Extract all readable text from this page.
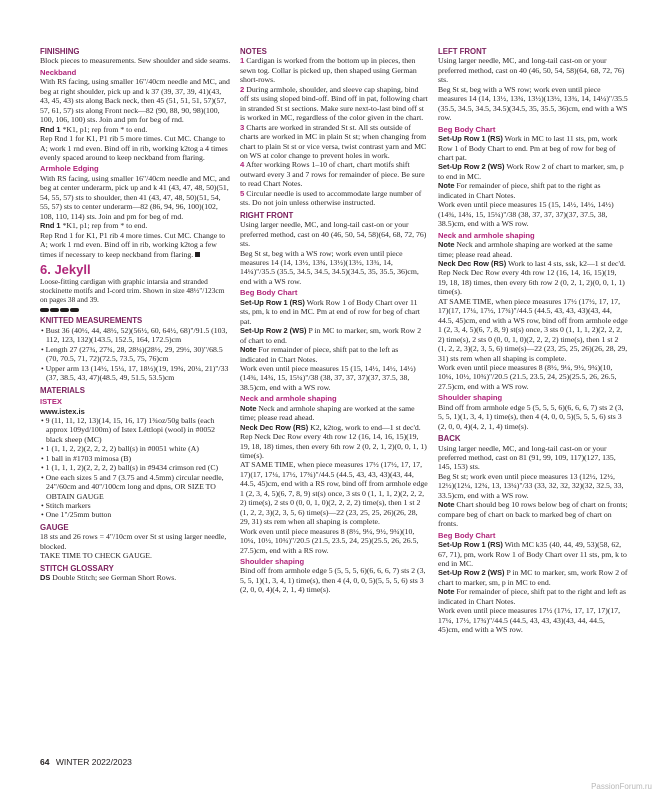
FINISHING

Block pieces to measurements. Sew shoulder and side seams.

Neckband

With RS facing, using smaller 16"/40cm needle and MC, and beg at right shoulder, pick up and k 37 (39, 37, 39, 41)(43, 43, 45, 43) sts along Back neck, then 45 (51, 51, 51, 57)(57, 57, 61, 57) sts along Front neck—82 (90, 88, 90, 98)(100, 100, 106, 100) sts. Join and pm for beg of rnd.

Rnd 1 *K1, p1; rep from * to end.

Rep Rnd 1 for K1, P1 rib 5 more times. Cut MC. Change to A; work 1 rnd even. Bind off in rib, working k2tog a 4 times evenly spaced around to keep neckband from flaring.

Armhole Edging

With RS facing, using smaller 16"/40cm needle and MC, and beg at center underarm, pick up and k 41 (43, 47, 48, 50)(51, 54, 55, 57) sts to shoulder, then 41 (43, 47, 48, 50)(51, 54, 55, 57) sts to center underarm—82 (86, 94, 96, 100)(102, 108, 110, 114) sts. Join and pm for beg of rnd.

Rnd 1 *K1, p1; rep from * to end.

Rep Rnd 1 for K1, P1 rib 4 more times. Cut MC. Change to A; work 1 rnd even. Bind off in rib, working k2tog a few times if necessary to keep neckband from flaring.

6. Jekyll

Loose-fitting cardigan with graphic intarsia and stranded stockinette motifs and I-cord trim. Shown in size 48½"/123cm on pages 38 and 39.

KNITTED MEASUREMENTS

• Bust 36 (40½, 44, 48½, 52)(56½, 60, 64½, 68)"/91.5 (103, 112, 123, 132)(143.5, 152.5, 164, 172.5)cm

• Length 27 (27¾, 27¾, 28, 28¼)(28½, 29, 29½, 30)"/68.5 (70, 70.5, 71, 72)(72.5, 73.5, 75, 76)cm

• Upper arm 13 (14½, 15¼, 17, 18½)(19, 19¾, 20¼, 21)"/33 (37, 38.5, 43, 47)(48.5, 49, 51.5, 53.5)cm

MATERIALS
ISTEX
www.istex.is

• 9 (11, 11, 12, 13)(14, 15, 16, 17) 1¾oz/50g balls (each approx 109yd/100m) of Istex Léttlopi (wool) in #0052 black sheep (MC)

• 1 (1, 1, 2, 2)(2, 2, 2, 2) ball(s) in #0051 white (A)

• 1 ball in #1703 mimosa (B)

• 1 (1, 1, 1, 2)(2, 2, 2, 2) ball(s) in #9434 crimson red (C)

• One each sizes 5 and 7 (3.75 and 4.5mm) circular needle, 24"/60cm and 40"/100cm long and dpns, OR SIZE TO OBTAIN GAUGE

• Stitch markers

• One 1"/25mm button

GAUGE

18 sts and 26 rows = 4"/10cm over St st using larger needle, blocked.

TAKE TIME TO CHECK GAUGE.

STITCH GLOSSARY

DS Double Stitch; see German Short Rows.

NOTES

1 Cardigan is worked from the bottom up in pieces, then sewn tog. Collar is picked up, then shaped using German short-rows.

2 During armhole, shoulder, and sleeve cap shaping, bind off sts using sloped bind-off. Bind off in pat, following chart in stranded St st sections. Make sure next-to-last bind off st is worked in MC, regardless of the color given in the chart.

3 Charts are worked in stranded St st. All sts outside of charts are worked in MC in plain St st; when changing from chart to plain St st or vice versa, twist contrast yarn and MC on WS at color change to prevent holes in work.

4 After working Rows 1–10 of chart, chart motifs shift outward every 3 and 7 rows for remainder of piece. Be sure to read Chart Notes.

5 Circular needle is used to accommodate large number of sts. Do not join unless otherwise instructed.

RIGHT FRONT

Using larger needle, MC, and long-tail cast-on or your preferred method, cast on 40 (46, 50, 54, 58)(64, 68, 72, 76) sts.

Beg St st, beg with a WS row; work even until piece measures 14 (14, 13½, 13¾, 13½)(13½, 13¾, 14, 14¼)"/35.5 (35.5, 34.5, 34.5, 34.5)(34.5, 35, 35.5, 36)cm, end with a WS row.

Beg Body Chart

Set-Up Row 1 (RS) Work Row 1 of Body Chart over 11 sts, pm, k to end in MC. Pm at end of row for beg of chart pat.

Set-Up Row 2 (WS) P in MC to marker, sm, work Row 2 of chart to end.

Note For remainder of piece, shift pat to the left as indicated in Chart Notes.

Work even until piece measures 15 (15, 14½, 14½, 14½)(14¾, 14¾, 15, 15¼)"/38 (38, 37, 37, 37)(37, 37.5, 38, 38.5)cm, end with a WS row.

Neck and armhole shaping

Note Neck and armhole shaping are worked at the same time; please read ahead.

Neck Dec Row (RS) K2, k2tog, work to end—1 st dec'd.

Rep Neck Dec Row every 4th row 12 (16, 14, 16, 15)(19, 19, 18, 18) times, then every 6th row 2 (0, 2, 1, 2)(0, 0, 1, 1) time(s).

AT SAME TIME, when piece measures 17½ (17½, 17, 17, 17)(17, 17¼, 17½, 17¾)"/44.5 (44.5, 43, 43, 43)(43, 44, 44.5, 45)cm, end with a RS row, bind off from armhole edge 1 (2, 3, 4, 5)(6, 7, 8, 9) st(s) once, 3 sts 0 (1, 1, 1, 2)(2, 2, 2, 2) time(s), 2 sts 0 (0, 0, 1, 0)(2, 2, 2, 2) time(s), then 1 st 2 (1, 2, 2, 3)(2, 3, 5, 6) time(s)—22 (23, 25, 25, 26)(26, 28, 29, 31) sts rem when all shaping is complete.

Work even until piece measures 8 (8½, 9¼, 9½, 9¾)(10, 10¼, 10½, 10¾)"/20.5 (21.5, 23.5, 24, 25)(25.5, 26, 26.5, 27.5)cm, end with a RS row.

Shoulder shaping

Bind off from armhole edge 5 (5, 5, 5, 6)(6, 6, 6, 7) sts 2 (3, 5, 5, 1)(1, 3, 4, 1) time(s), then 4 (4, 0, 0, 5)(5, 5, 5, 6) sts 3 (2, 0, 0, 4)(4, 2, 1, 4) time(s).

LEFT FRONT

Using larger needle, MC, and long-tail cast-on or your preferred method, cast on 40 (46, 50, 54, 58)(64, 68, 72, 76) sts.

Beg St st, beg with a WS row; work even until piece measures 14 (14, 13½, 13¾, 13½)(13½, 13¾, 14, 14¼)"/35.5 (35.5, 34.5, 34.5, 34.5)(34.5, 35, 35.5, 36)cm, end with a WS row.

Beg Body Chart

Set-Up Row 1 (RS) Work in MC to last 11 sts, pm, work Row 1 of Body Chart to end. Pm at beg of row for beg of chart pat.

Set-Up Row 2 (WS) Work Row 2 of chart to marker, sm, p to end in MC.

Note For remainder of piece, shift pat to the right as indicated in Chart Notes.

Work even until piece measures 15 (15, 14½, 14½, 14½)(14¾, 14¾, 15, 15¼)"/38 (38, 37, 37, 37)(37, 37.5, 38, 38.5)cm, end with a WS row.

Neck and armhole shaping

Note Neck and armhole shaping are worked at the same time; please read ahead.

Neck Dec Row (RS) Work to last 4 sts, ssk, k2—1 st dec'd.

Rep Neck Dec Row every 4th row 12 (16, 14, 16, 15)(19, 19, 18, 18) times, then every 6th row 2 (0, 2, 1, 2)(0, 0, 1, 1) time(s).

AT SAME TIME, when piece measures 17½ (17½, 17, 17, 17)(17, 17¼, 17½, 17¾)"/44.5 (44.5, 43, 43, 43)(43, 44, 44.5, 45)cm, end with a WS row, bind off from armhole edge 1 (2, 3, 4, 5)(6, 7, 8, 9) st(s) once, 3 sts 0 (1, 1, 1, 2)(2, 2, 2, 2) time(s), 2 sts 0 (0, 0, 1, 0)(2, 2, 2, 2) time(s), then 1 st 2 (1, 2, 2, 3)(2, 3, 5, 6) time(s)—22 (23, 25, 25, 26)(26, 28, 29, 31) sts rem when all shaping is complete.

Work even until piece measures 8 (8½, 9¼, 9½, 9¾)(10, 10¼, 10½, 10¾)"/20.5 (21.5, 23.5, 24, 25)(25.5, 26, 26.5, 27.5)cm, end with a WS row.

Shoulder shaping

Bind off from armhole edge 5 (5, 5, 5, 6)(6, 6, 6, 7) sts 2 (3, 5, 5, 1)(1, 3, 4, 1) time(s), then 4 (4, 0, 0, 5)(5, 5, 5, 6) sts 3 (2, 0, 0, 4)(4, 2, 1, 4) time(s).

BACK

Using larger needle, MC, and long-tail cast-on or your preferred method, cast on 81 (91, 99, 109, 117)(127, 135, 145, 153) sts.

Beg St st; work even until piece measures 13 (12½, 12½, 12½)(12¼, 12¾, 13, 13¼)"/33 (33, 32, 32, 32)(32, 32.5, 33, 33.5)cm, end with a WS row.

Note Chart should beg 10 rows below beg of chart on fronts; compare beg of chart on back to marked beg of chart on fronts.

Beg Body Chart

Set-Up Row 1 (RS) With MC k35 (40, 44, 49, 53)(58, 62, 67, 71), pm, work Row 1 of Body Chart over 11 sts, pm, k to end in MC.

Set-Up Row 2 (WS) P in MC to marker, sm, work Row 2 of chart to marker, sm, p in MC to end.

Note For remainder of piece, shift pat to the right and left as indicated in Chart Notes.

Work even until piece measures 17½ (17½, 17, 17, 17)(17, 17¼, 17½, 17¾)"/44.5 (44.5, 43, 43, 43)(43, 44, 44.5, 45)cm, end with a WS row.

64 WINTER 2022/2023
PassionForum.ru
